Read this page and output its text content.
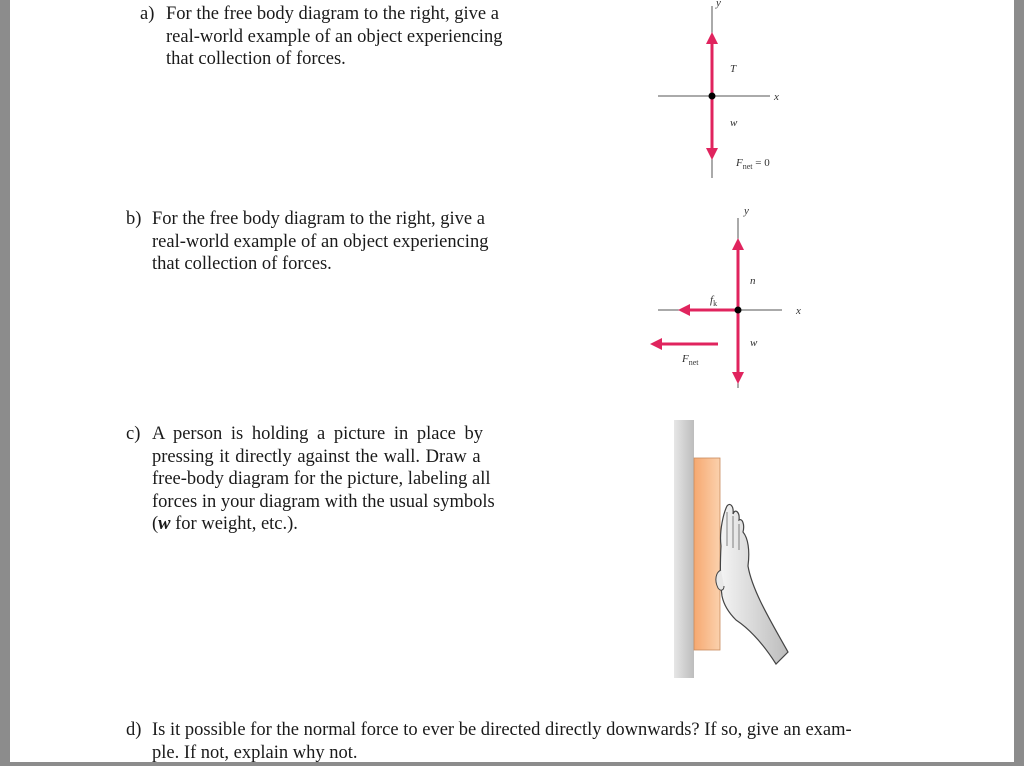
a) For the free body diagram to the right, give a
real-world example of an object experiencing
that collection of forces.
b) For the free body diagram to the right, give a
real-world example of an object experiencing
that collection of forces.
c) A person is holding a picture in place by
pressing it directly against the wall. Draw a
free-body diagram for the picture, labeling all
forces in your diagram with the usual symbols
(w for weight, etc.).
d) Is it possible for the normal force to ever be directed directly downwards? If so, give an exam-
ple. If not, explain why not.
y
x
T
w
$F_{net} = 0$
y
x
n
w
$f_k$
$F_{net}$
